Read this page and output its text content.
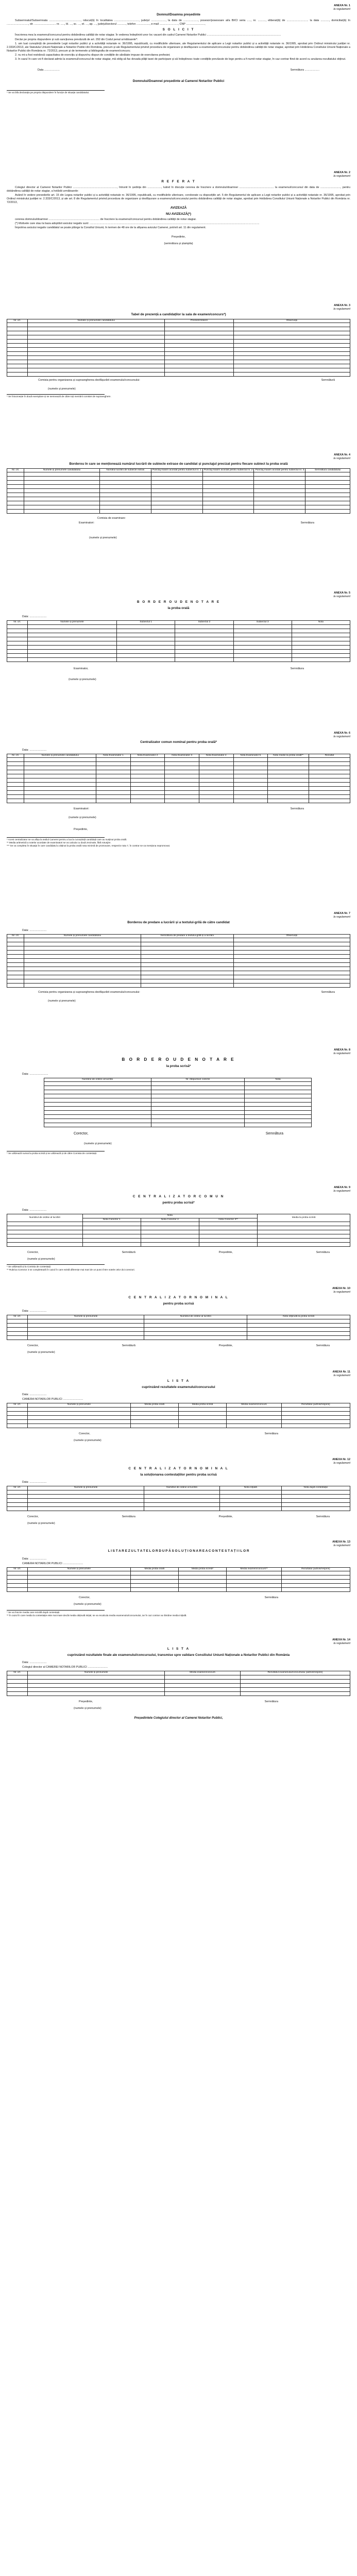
ANEXA Nr. 1
la regulament
Domnul/Doamna președinte
Subsemnatul/Subsemnata ........................................., născut(ă) în localitatea ................................, județul ..................., la data de ..................., posesor/posesoare al/a BI/CI seria ....., nr. .........., eliberat(ă) de ............................ la data ..........., domiciliat(ă) în ............................, str. ............................ nr. ....., bl. ..., sc. ..., et. ..., ap. ..., județul/sectorul ..........., telefon ................., e-mail ........................, CNP ........................,
S O L I C I T
Înscrierea mea la examenul/concursul pentru dobândirea calității de notar stagiar. În vederea îndeplinirii unor loc vacant din cadrul Camerei Notarilor Publici ................................................................................................
Declar pe propria răspundere și sub sancțiunea prevăzută de art. 292 din Codul penal următoarele*:
1. am luat cunoștință de prevederile Legii notarilor publici și a activității notariale nr. 36/1995, republicată, cu modificările ulterioare, ale Regulamentului de aplicare a Legii notarilor publici și a activității notariale nr. 36/1995, aprobat prin Ordinul ministrului justiției nr. 2.333/C/2013, ale Statutului Uniunii Naționale a Notarilor Publici din România, precum și ale Regulamentului privind procedura de organizare și desfășurare a examenului/concursului pentru dobândirea calității de notar stagiar, aprobat prin Hotărârea Consiliului Uniunii Naționale a Notarilor Publici din România nr. 72/2013, precum și de termenele și bibliografia de examen/concurs;
2. nu mi-a fost restrânsă capacitatea de exercițiu și dispun/nu dispun de condițiile de sănătate impuse de exercitarea profesiei;
3. în cazul în care voi fi declarat admis la examenul/concursul de notar stagiar, mă oblig să fac dovada plății taxei de participare și să îndeplinesc toate condițiile prevăzute de lege pentru a fi numit notar stagiar, în caz contrar fiind de acord cu anularea rezultatului obținut.
Data ....................	Semnătura ...................
Domnului/Doamnei președinte al Camerei Notarilor Publici
* Se va bifa declarația pe propria răspundere în funcție de situația candidatului.
ANEXA Nr. 2
la regulament
R E F E R A T
Colegiul director al Camerei Notarilor Publici ........................................................., întrunit în ședința din .................., luând în discuție cererea de înscriere a domnului/doamnei ............................................. la examenul/concursul din data de .........................., pentru dobândirea calității de notar stagiar, a hotărât următoarele:
Având în vedere prevederile art. 15 din Legea notarilor publici și a activității notariale nr. 36/1995, republicată, cu modificările ulterioare, coroborate cu dispozițiile art. 5 din Regulamentul de aplicare a Legii notarilor publici și a activității notariale nr. 36/1995, aprobat prin Ordinul ministrului justiției nr. 2.333/C/2013, și ale art. 8 din Regulamentul privind procedura de organizare și desfășurare a examenului/concursului pentru dobândirea calității de notar stagiar, aprobat prin Hotărârea Consiliului Uniunii Naționale a Notarilor Publici din România nr. 72/2013,
AVIZEAZĂ
NU AVIZEAZĂ(*)
cererea domnului/doamnei .................................................................. de înscriere la examenul/concursul pentru dobândirea calității de notar stagiar.
(*) Motivele care stau la baza adoptării avizului negativ sunt: ............................................................................................................................................................................................................................
Împotriva avizului negativ candidatul se poate plânge la Consiliul Uniunii, în termen de 48 ore de la afișarea avizului Camerei, potrivit art. 11 din regulament.
Președinte,
(semnătura și ștampila)
ANEXA Nr. 3
la regulament
Tabel de prezență a candidaților la sala de examen/concurs*)
Nr. crt.	Numele și prenumele candidatului	Prezent/Absent	Observații

Comisia pentru organizarea și supravegherea desfășurării examenului/concursului:	Semnătură
(numele și prenumele)
* Se întocmește în două exemplare și se semnează de către toți membrii comisiei de supraveghere.
ANEXA Nr. 4
la regulament
Borderou în care se menționează numărul lucrării de subiecte extrase de candidat și punctajul precizat pentru fiecare subiect la proba orală
Nr. crt.	Numele și prenumele candidatului	Numărul lucrării de subiecte extras	Punctaj maxim acordat pentru subiectul nr. 1	Punctaj maxim acordat pentru subiectul nr. 2	Punctaj maxim acordat pentru subiectul nr. 3	Semnătura candidatului

Comisia de examinare:
Examinatori:	Semnătura
(numele și prenumele)
ANEXA Nr. 5
la regulament
B O R D E R O U D E N O T A R E
la proba orală
Data: ......................
Nr. crt.	Numele și prenumele	Subiectul 1	Subiectul 2	Subiectul 3	Nota

Examinator,	Semnătura
(numele și prenumele)
ANEXA Nr. 6
la regulament
Centralizator comun nominal pentru proba orală*
Data: ......................
Nr. crt.	Numele și prenumele candidatului	Nota Examinator 1	Nota Examinator 2	Nota Examinator 3	Nota Examinator 4	Nota Examinator 5	Nota medie la proba orală**	Rezultat

Examinatori:	Semnătura
(numele și prenumele)
Președinte,
* Acest centralizator se va afișa la sediul Camerei pentru a lua la cunoștință candidații care au susținut proba orală.
** Media aritmetică a notelor acordate de examinatori se va calcula cu două zecimale, fără rotunjire.
*** Se va completa în situația în care candidatul a obținut la proba orală nota minimă de promovare, respectiv nota 7, în contrar se va menționa nepromovat.
ANEXA Nr. 7
la regulament
Borderou de predare a lucrării și a textului-grilă de către candidat
Data: ......................
Nr. crt.	Numele și prenumele candidatului	Semnătura de predare a textului-grilă și a lucrării	Observații

Comisia pentru organizarea și supravegherea desfășurării examenului/concursului:	Semnătura
(numele și prenumele)
ANEXA Nr. 8
la regulament
B O R D E R O U D E N O T A R E
la proba scrisă*
Data: ........................
Numărul de ordine al lucrării	Nr. răspunsuri corecte	Nota

Corector,	Semnătura
(numele și prenumele)
* Se utilizează numai la proba scrisă și se utilizează și de către Comisia de contestații.
ANEXA Nr. 9
la regulament
C E N T R A L I Z A T O R C O M U N
pentru proba scrisă*
Data: ......................
Numărul de ordine al lucrării	Nota			Media la proba scrisă
	Nota Corector 1	Nota Corector 2	Nota Corector 3**	

Corector,	Semnătură	Președinte,	Semnătura
(numele și prenumele)
* Se utilizează și la Comisia de contestații.
** Rubrica Corector 3 se completează în cazul în care există diferențe mai mari de un punct între notele celor doi corectori.
ANEXA Nr. 10
la regulament
C E N T R A L I Z A T O R N O M I N A L
pentru proba scrisă
Data: ......................
Nr. crt.	Numele și prenumele	Numărul de ordine al lucrării	Nota obținută la proba scrisă

Corector,	Semnătură	Președinte,	Semnătura
(numele și prenumele)
ANEXA Nr. 11
la regulament
L I S T A
cuprinzând rezultatele examenului/concursului
Data: ......................
CAMERA NOTARILOR PUBLICI ..........................
Nr. crt.	Numele și prenumele	Media proba orală	Media proba scrisă	Media examen/concurs	Rezultatul (admis/respins)

Corector,	Semnătura
(numele și prenumele)
ANEXA Nr. 12
la regulament
C E N T R A L I Z A T O R N O M I N A L
la soluționarea contestațiilor pentru proba scrisă
Data: ......................
Nr. crt.	Numele și prenumele	Numărul de ordine al lucrării	Nota inițială	Nota după contestație

Corector,	Semnătura	Președinte,	Semnătura
(numele și prenumele)
ANEXA Nr. 13
la regulament
L I S T A R E Z U L T A T E L O R D U P Ă S O L U Ț I O N A R E A C O N T E S T A Ț I I L O R
Data: ......................
CAMERA NOTARILOR PUBLICI ..........................
Nr. crt.	Numele și prenumele	Media proba orală	Media proba scrisă*	Media examen/concurs**	Rezultatul (admis/respins)

Corector,	Semnătura
(numele și prenumele)
* Se va înscrie media care rezultă după contestații.
** În cazul în care media la contestație este mai mare decât media obținută inițial, se va recalcula media examenului/concursului, iar în caz contrar va rămâne media inițială.
ANEXA Nr. 14
la regulament
L I S T A
cuprinzând rezultatele finale ale examenului/concursului, transmise spre validare Consiliului Uniunii Naționale a Notarilor Publici din România
Data: ......................
Colegiul director al CAMEREI NOTARILOR PUBLICI ..........................
Nr. crt.	Numele și prenumele	Media examen/concurs	Rezultatul examenului/concursului (admis/respins)

Președinte,	Semnătura
(numele și prenumele)
Președintele Colegiului director al Camerei Notarilor Publici,
